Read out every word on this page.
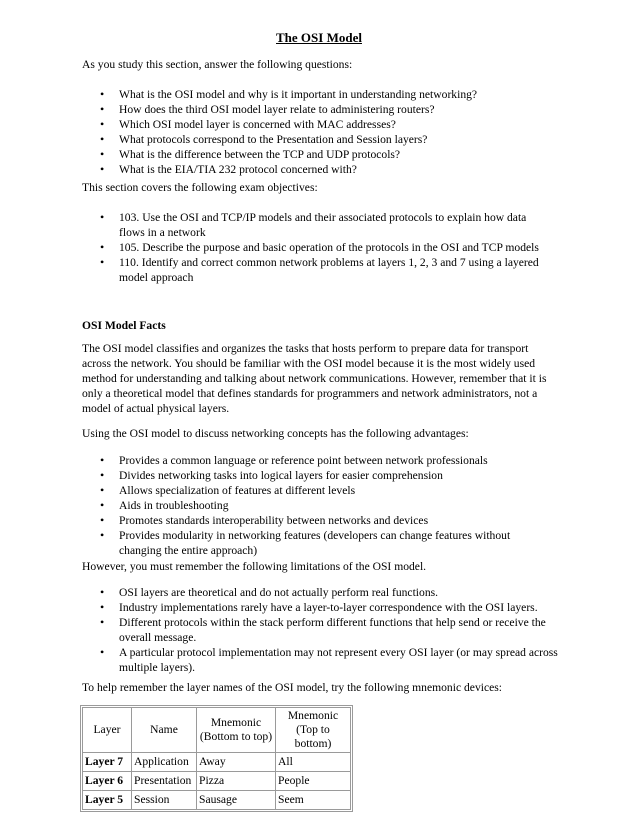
The OSI Model

As you study this section, answer the following questions:

• What is the OSI model and why is it important in understanding networking?
• How does the third OSI model layer relate to administering routers?
• Which OSI model layer is concerned with MAC addresses?
• What protocols correspond to the Presentation and Session layers?
• What is the difference between the TCP and UDP protocols?
• What is the EIA/TIA 232 protocol concerned with?

This section covers the following exam objectives:

• 103. Use the OSI and TCP/IP models and their associated protocols to explain how data flows in a network
• 105. Describe the purpose and basic operation of the protocols in the OSI and TCP models
• 110. Identify and correct common network problems at layers 1, 2, 3 and 7 using a layered model approach

OSI Model Facts

The OSI model classifies and organizes the tasks that hosts perform to prepare data for transport across the network. You should be familiar with the OSI model because it is the most widely used method for understanding and talking about network communications. However, remember that it is only a theoretical model that defines standards for programmers and network administrators, not a model of actual physical layers.

Using the OSI model to discuss networking concepts has the following advantages:

• Provides a common language or reference point between network professionals
• Divides networking tasks into logical layers for easier comprehension
• Allows specialization of features at different levels
• Aids in troubleshooting
• Promotes standards interoperability between networks and devices
• Provides modularity in networking features (developers can change features without changing the entire approach)

However, you must remember the following limitations of the OSI model.

• OSI layers are theoretical and do not actually perform real functions.
• Industry implementations rarely have a layer-to-layer correspondence with the OSI layers.
• Different protocols within the stack perform different functions that help send or receive the overall message.
• A particular protocol implementation may not represent every OSI layer (or may spread across multiple layers).

To help remember the layer names of the OSI model, try the following mnemonic devices:

Layer	Name	Mnemonic (Bottom to top)	Mnemonic (Top to bottom)
Layer 7	Application	Away	All
Layer 6	Presentation	Pizza	People
Layer 5	Session	Sausage	Seem
